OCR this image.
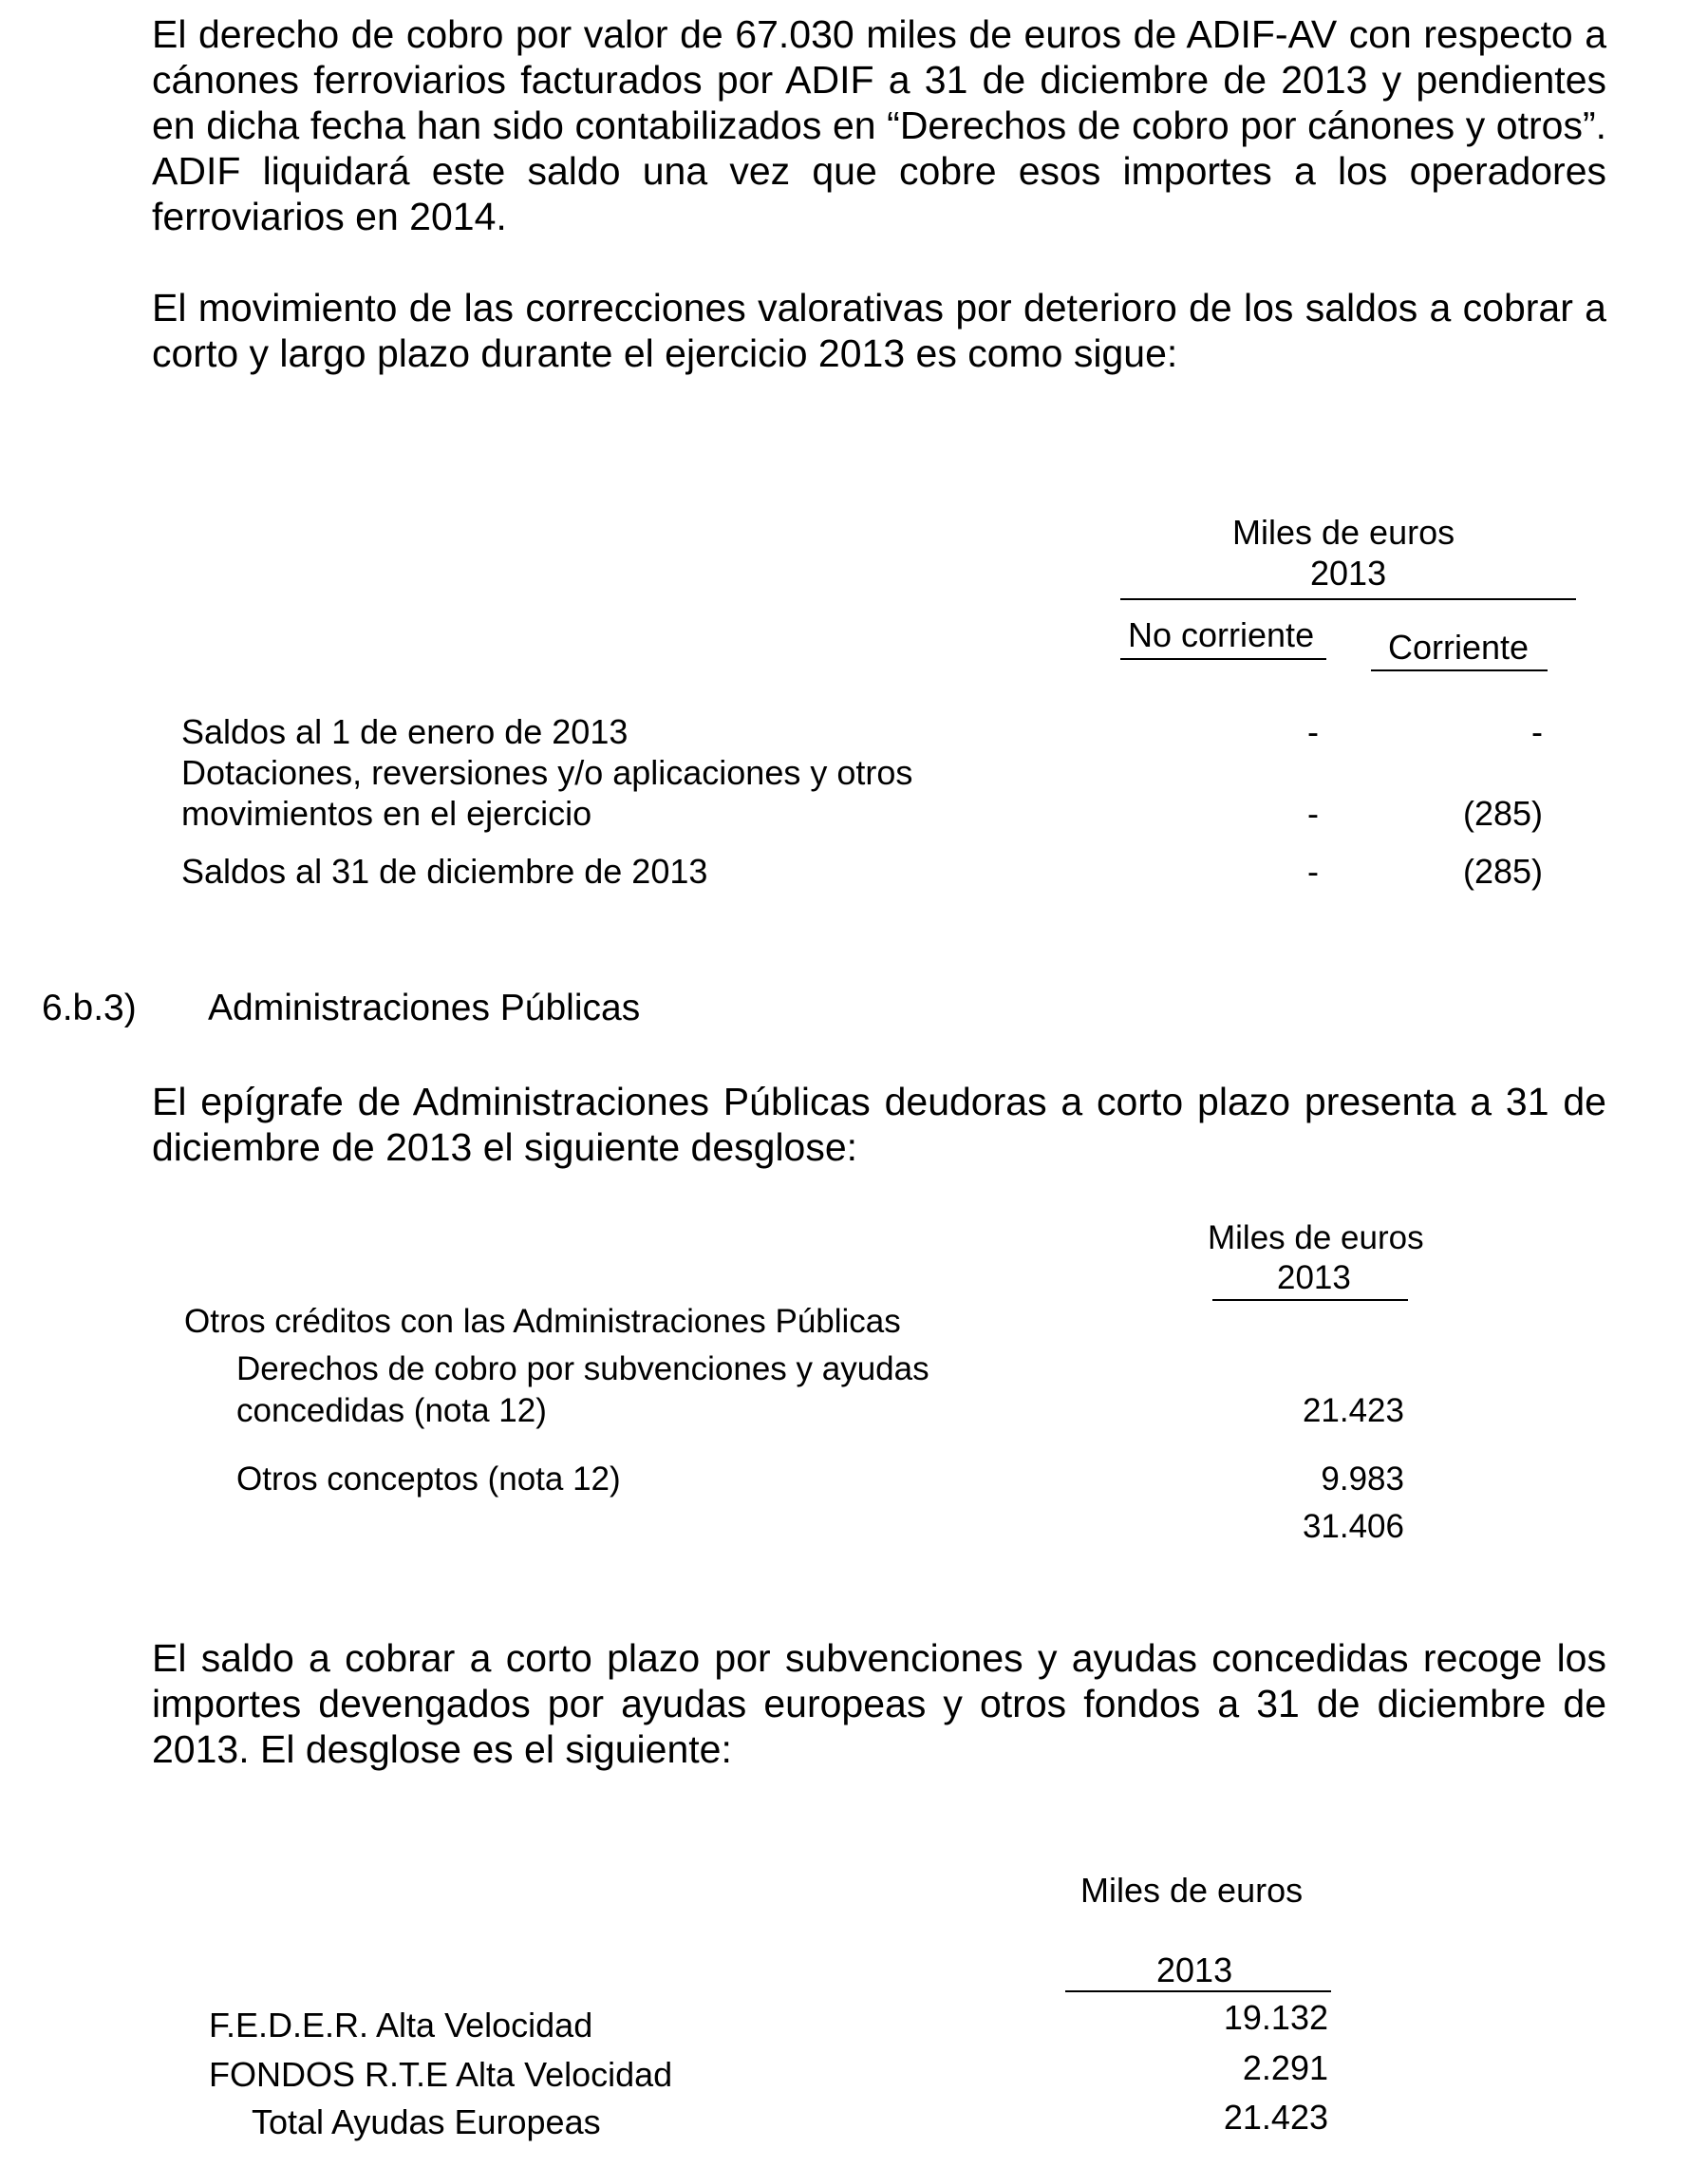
El derecho de cobro por valor de 67.030 miles de euros de ADIF-AV con respecto a cánones ferroviarios facturados por ADIF a 31 de diciembre de 2013 y pendientes en dicha fecha han sido contabilizados en “Derechos de cobro por cánones y otros”. ADIF liquidará este saldo una vez que cobre esos importes a los operadores ferroviarios en 2014.
El movimiento de las correcciones valorativas por deterioro de los saldos a cobrar a corto y largo plazo durante el ejercicio 2013 es como sigue:
Miles de euros
2013
No corriente Corriente
Saldos al 1 de enero de 2013	-	-
Dotaciones, reversiones y/o aplicaciones y otros
movimientos en el ejercicio	-	(285)
Saldos al 31 de diciembre de 2013	-	(285)
6.b.3) Administraciones Públicas
El epígrafe de Administraciones Públicas deudoras a corto plazo presenta a 31 de diciembre de 2013 el siguiente desglose:
Miles de euros
2013
Otros créditos con las Administraciones Públicas
Derechos de cobro por subvenciones y ayudas
concedidas (nota 12)	21.423
Otros conceptos (nota 12)	9.983
31.406
El saldo a cobrar a corto plazo por subvenciones y ayudas concedidas recoge los importes devengados por ayudas europeas y otros fondos a 31 de diciembre de 2013. El desglose es el siguiente:
Miles de euros
2013
F.E.D.E.R. Alta Velocidad	19.132
FONDOS R.T.E Alta Velocidad	2.291
Total Ayudas Europeas	21.423
